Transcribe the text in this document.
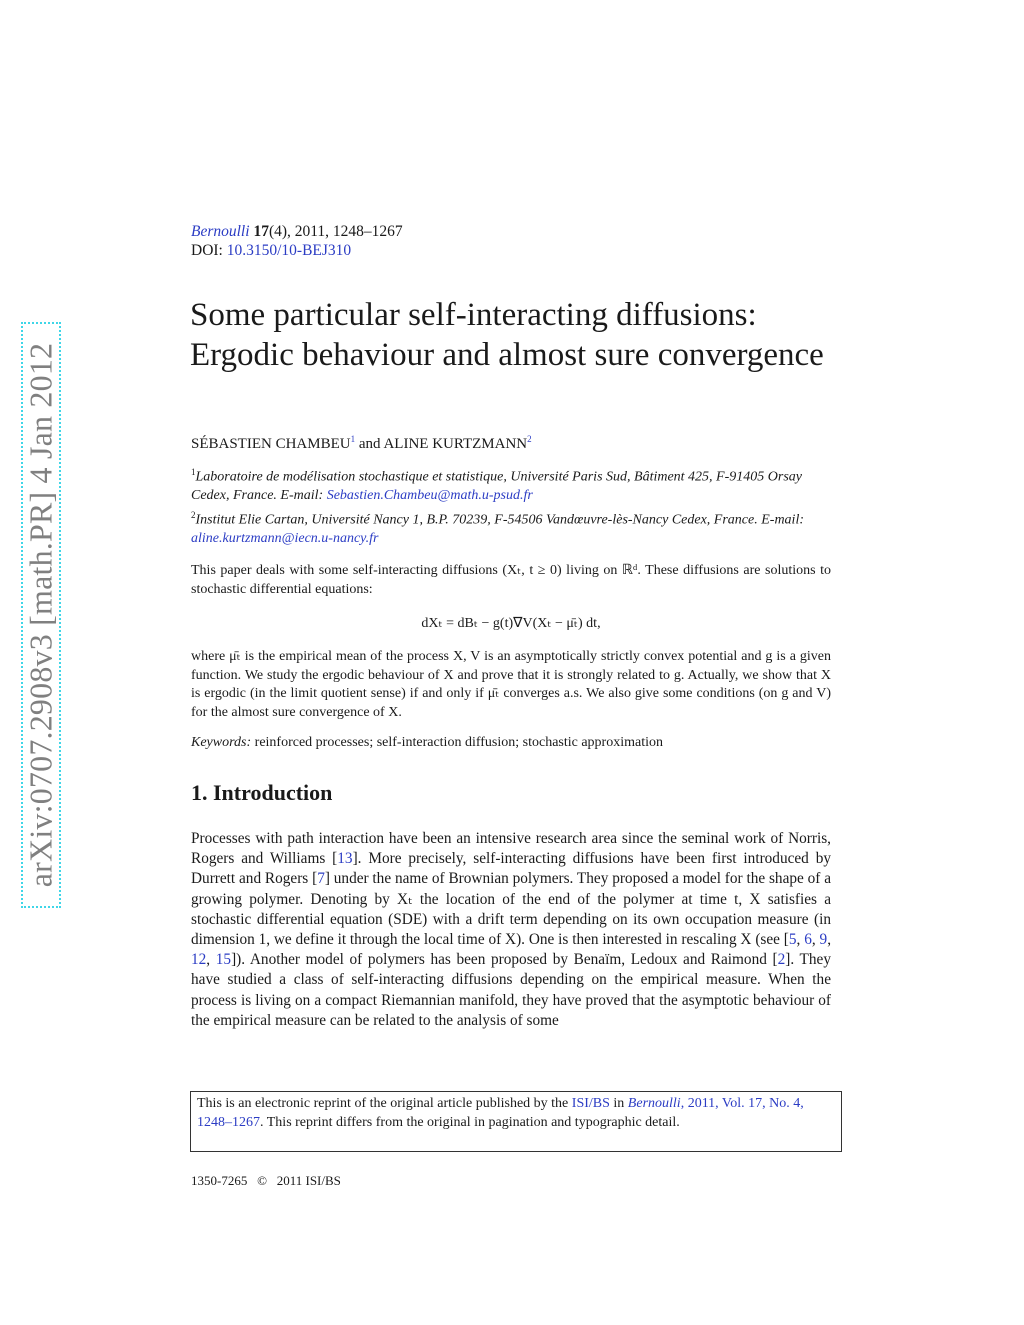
arXiv:0707.2908v3 [math.PR] 4 Jan 2012
Bernoulli 17(4), 2011, 1248–1267
DOI: 10.3150/10-BEJ310
Some particular self-interacting diffusions: Ergodic behaviour and almost sure convergence
SÉBASTIEN CHAMBEU$^1$ and ALINE KURTZMANN$^2$
$^1$Laboratoire de modélisation stochastique et statistique, Université Paris Sud, Bâtiment 425, F-91405 Orsay Cedex, France. E-mail: Sebastien.Chambeu@math.u-psud.fr
$^2$Institut Elie Cartan, Université Nancy 1, B.P. 70239, F-54506 Vandœuvre-lès-Nancy Cedex, France. E-mail: aline.kurtzmann@iecn.u-nancy.fr
This paper deals with some self-interacting diffusions (Xₜ, t ≥ 0) living on ℝᵈ. These diffusions are solutions to stochastic differential equations:
dXₜ = dBₜ − g(t)∇V(Xₜ − μ̄ₜ) dt,
where μ̄ₜ is the empirical mean of the process X, V is an asymptotically strictly convex potential and g is a given function. We study the ergodic behaviour of X and prove that it is strongly related to g. Actually, we show that X is ergodic (in the limit quotient sense) if and only if μ̄ₜ converges a.s. We also give some conditions (on g and V) for the almost sure convergence of X.
Keywords: reinforced processes; self-interaction diffusion; stochastic approximation
1. Introduction
Processes with path interaction have been an intensive research area since the seminal work of Norris, Rogers and Williams [13]. More precisely, self-interacting diffusions have been first introduced by Durrett and Rogers [7] under the name of Brownian polymers. They proposed a model for the shape of a growing polymer. Denoting by Xₜ the location of the end of the polymer at time t, X satisfies a stochastic differential equation (SDE) with a drift term depending on its own occupation measure (in dimension 1, we define it through the local time of X). One is then interested in rescaling X (see [5, 6, 9, 12, 15]). Another model of polymers has been proposed by Benaïm, Ledoux and Raimond [2]. They have studied a class of self-interacting diffusions depending on the empirical measure. When the process is living on a compact Riemannian manifold, they have proved that the asymptotic behaviour of the empirical measure can be related to the analysis of some
This is an electronic reprint of the original article published by the ISI/BS in Bernoulli, 2011, Vol. 17, No. 4, 1248–1267. This reprint differs from the original in pagination and typographic detail.
1350-7265 © 2011 ISI/BS
